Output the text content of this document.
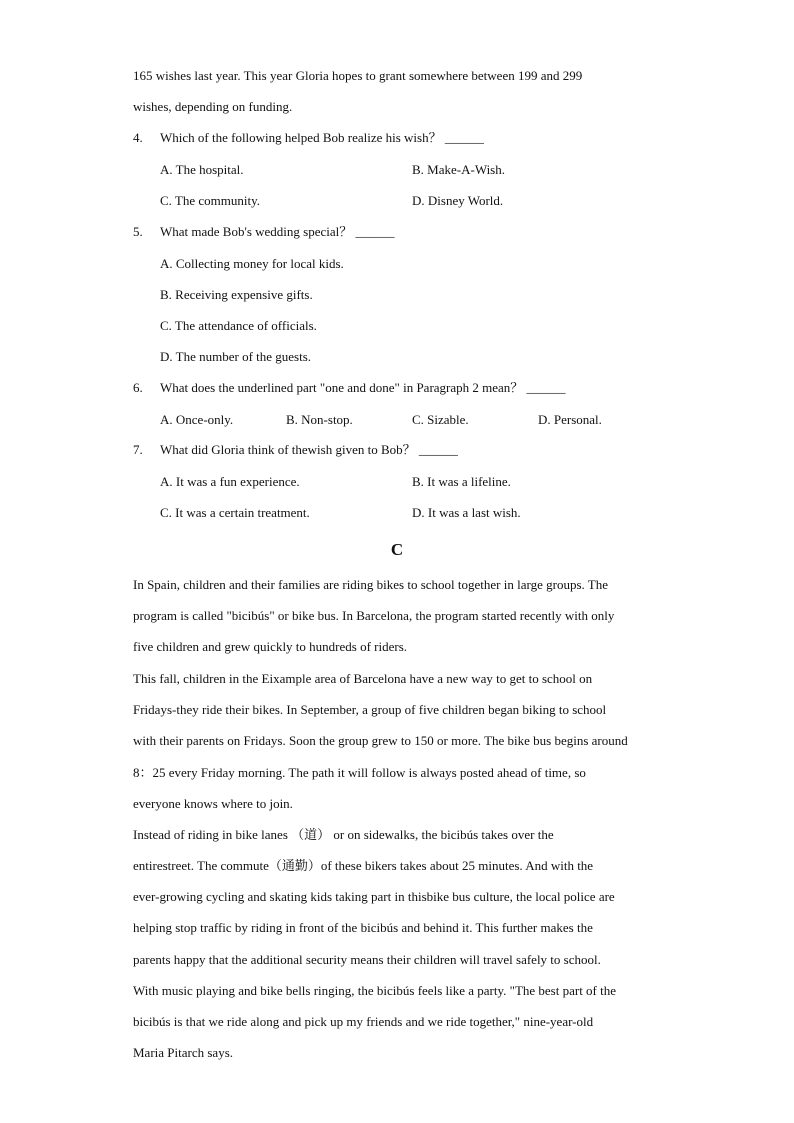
165 wishes last year. This year Gloria hopes to grant somewhere between 199 and 299
wishes, depending on funding.
4. Which of the following helped Bob realize his wish？ ______
A. The hospital.	B. Make-A-Wish.
C. The community.	D. Disney World.
5. What made Bob's wedding special？ ______
A. Collecting money for local kids.
B. Receiving expensive gifts.
C. The attendance of officials.
D. The number of the guests.
6. What does the underlined part "one and done" in Paragraph 2 mean？ ______
A. Once-only.	B. Non-stop.	C. Sizable.	D. Personal.
7. What did Gloria think of thewish given to Bob？ ______
A. It was a fun experience.	B. It was a lifeline.
C. It was a certain treatment.	D. It was a last wish.
C
In Spain, children and their families are riding bikes to school together in large groups. The
program is called "bicibús" or bike bus. In Barcelona, the program started recently with only
five children and grew quickly to hundreds of riders.
This fall, children in the Eixample area of Barcelona have a new way to get to school on
Fridays-they ride their bikes. In September, a group of five children began biking to school
with their parents on Fridays. Soon the group grew to 150 or more. The bike bus begins around
8：25 every Friday morning. The path it will follow is always posted ahead of time, so
everyone knows where to join.
Instead of riding in bike lanes （道） or on sidewalks, the bicibús takes over the
entirestreet. The commute（通勤）of these bikers takes about 25 minutes. And with the
ever-growing cycling and skating kids taking part in thisbike bus culture, the local police are
helping stop traffic by riding in front of the bicibús and behind it. This further makes the
parents happy that the additional security means their children will travel safely to school.
With music playing and bike bells ringing, the bicibús feels like a party. "The best part of the
bicibús is that we ride along and pick up my friends and we ride together," nine-year-old
Maria Pitarch says.
